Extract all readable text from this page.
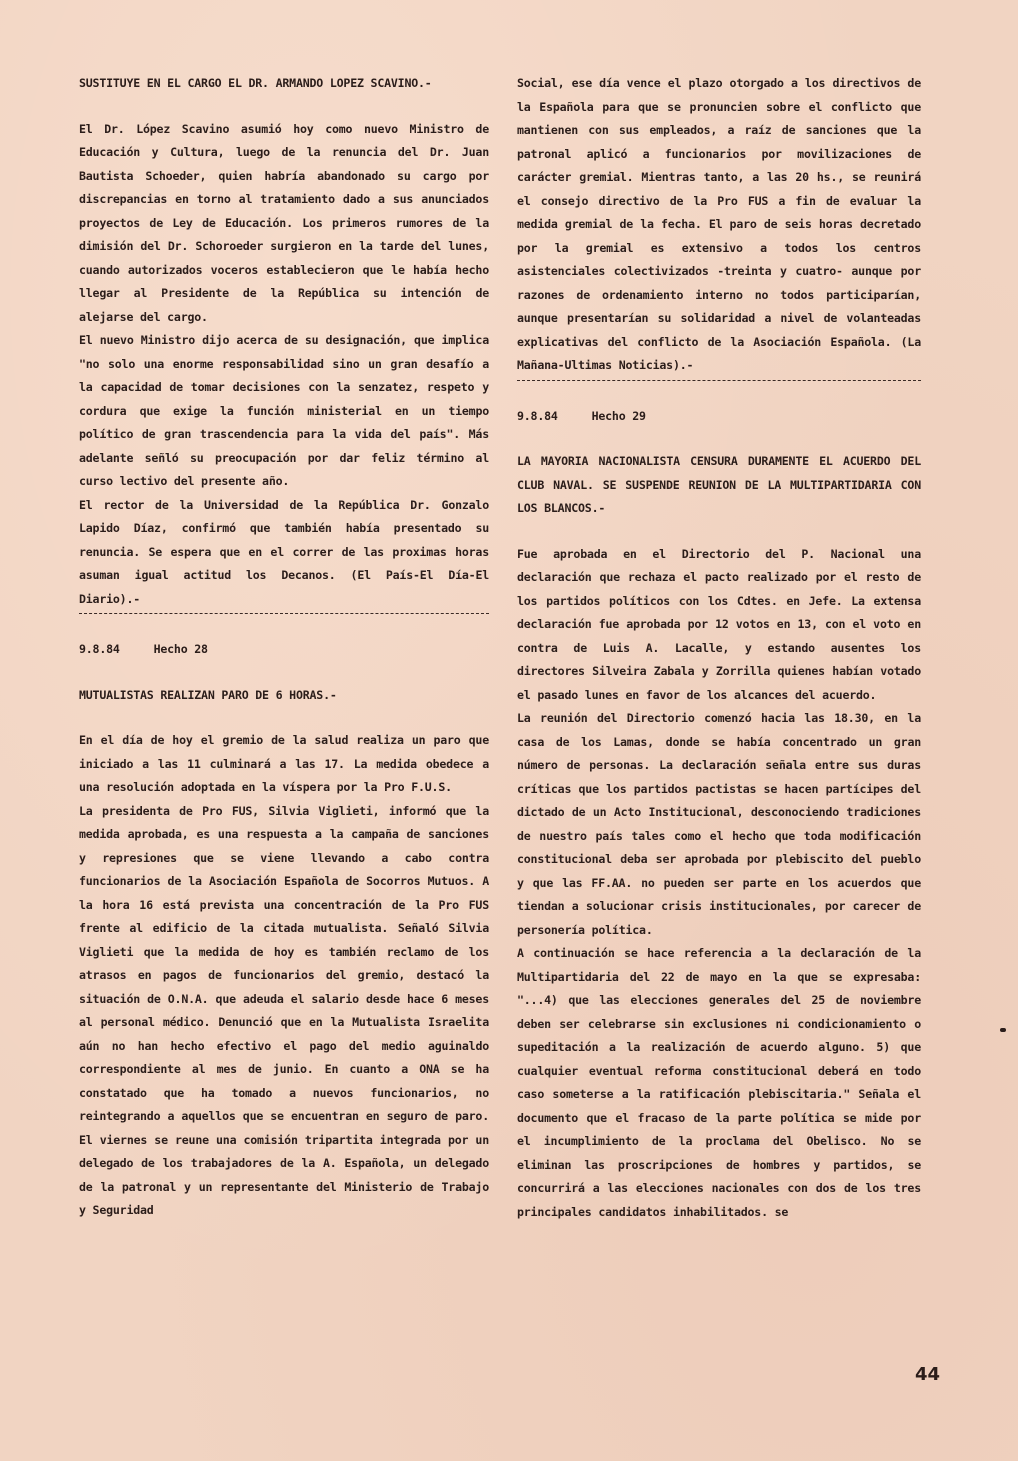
SUSTITUYE EN EL CARGO EL DR. ARMANDO LOPEZ SCAVINO.-

El Dr. López Scavino asumió hoy como nuevo Ministro de Educación y Cultura, luego de la renuncia del Dr. Juan Bautista Schoeder, quien habría abandonado su cargo por discrepancias en torno al tratamiento dado a sus anunciados proyectos de Ley de Educación. Los primeros rumores de la dimisión del Dr. Schoroeder surgieron en la tarde del lunes, cuando autorizados voceros establecieron que le había hecho llegar al Presidente de la República su intención de alejarse del cargo.

El nuevo Ministro dijo acerca de su designación, que implica "no solo una enorme responsabilidad sino un gran desafío a la capacidad de tomar decisiones con la senzatez, respeto y cordura que exige la función ministerial en un tiempo político de gran trascendencia para la vida del país". Más adelante señló su preocupación por dar feliz término al curso lectivo del presente año.

El rector de la Universidad de la República Dr. Gonzalo Lapido Díaz, confirmó que también había presentado su renuncia. Se espera que en el correr de las proximas horas asuman igual actitud los Decanos. (El País-El Día-El Diario).-

9.8.84     Hecho 28

MUTUALISTAS REALIZAN PARO DE 6 HORAS.-

En el día de hoy el gremio de la salud realiza un paro que iniciado a las 11 culminará a las 17. La medida obedece a una resolución adoptada en la víspera por la Pro F.U.S.

La presidenta de Pro FUS, Silvia Viglieti, informó que la medida aprobada, es una respuesta a la campaña de sanciones y represiones que se viene llevando a cabo contra funcionarios de la Asociación Española de Socorros Mutuos. A la hora 16 está prevista una concentración de la Pro FUS frente al edificio de la citada mutualista. Señaló Silvia Viglieti que la medida de hoy es también reclamo de los atrasos en pagos de funcionarios del gremio, destacó la situación de O.N.A. que adeuda el salario desde hace 6 meses al personal médico. Denunció que en la Mutualista Israelita aún no han hecho efectivo el pago del medio aguinaldo correspondiente al mes de junio. En cuanto a ONA se ha constatado que ha tomado a nuevos funcionarios, no reintegrando a aquellos que se encuentran en seguro de paro. El viernes se reune una comisión tripartita integrada por un delegado de los trabajadores de la A. Española, un delegado de la patronal y un representante del Ministerio de Trabajo y Seguridad

Social, ese día vence el plazo otorgado a los directivos de la Española para que se pronuncien sobre el conflicto que mantienen con sus empleados, a raíz de sanciones que la patronal aplicó a funcionarios por movilizaciones de carácter gremial. Mientras tanto, a las 20 hs., se reunirá el consejo directivo de la Pro FUS a fin de evaluar la medida gremial de la fecha. El paro de seis horas decretado por la gremial es extensivo a todos los centros asistenciales colectivizados -treinta y cuatro- aunque por razones de ordenamiento interno no todos participarían, aunque presentarían su solidaridad a nivel de volanteadas explicativas del conflicto de la Asociación Española. (La Mañana-Ultimas Noticias).-

9.8.84     Hecho 29

LA MAYORIA NACIONALISTA CENSURA DURAMENTE EL ACUERDO DEL CLUB NAVAL. SE SUSPENDE REUNION DE LA MULTIPARTIDARIA CON LOS BLANCOS.-

Fue aprobada en el Directorio del P. Nacional una declaración que rechaza el pacto realizado por el resto de los partidos políticos con los Cdtes. en Jefe. La extensa declaración fue aprobada por 12 votos en 13, con el voto en contra de Luis A. Lacalle, y estando ausentes los directores Silveira Zabala y Zorrilla quienes habían votado el pasado lunes en favor de los alcances del acuerdo.

La reunión del Directorio comenzó hacia las 18.30, en la casa de los Lamas, donde se había concentrado un gran número de personas. La declaración señala entre sus duras críticas que los partidos pactistas se hacen partícipes del dictado de un Acto Institucional, desconociendo tradiciones de nuestro país tales como el hecho que toda modificación constitucional deba ser aprobada por plebiscito del pueblo y que las FF.AA. no pueden ser parte en los acuerdos que tiendan a solucionar crisis institucionales, por carecer de personería política.

A continuación se hace referencia a la declaración de la Multipartidaria del 22 de mayo en la que se expresaba: "...4) que las elecciones generales del 25 de noviembre deben ser celebrarse sin exclusiones ni condicionamiento o supeditación a la realización de acuerdo alguno. 5) que cualquier eventual reforma constitucional deberá en todo caso someterse a la ratificación plebiscitaria." Señala el documento que el fracaso de la parte política se mide por el incumplimiento de la proclama del Obelisco. No se eliminan las proscripciones de hombres y partidos, se concurrirá a las elecciones nacionales con dos de los tres principales candidatos inhabilitados. se

44
